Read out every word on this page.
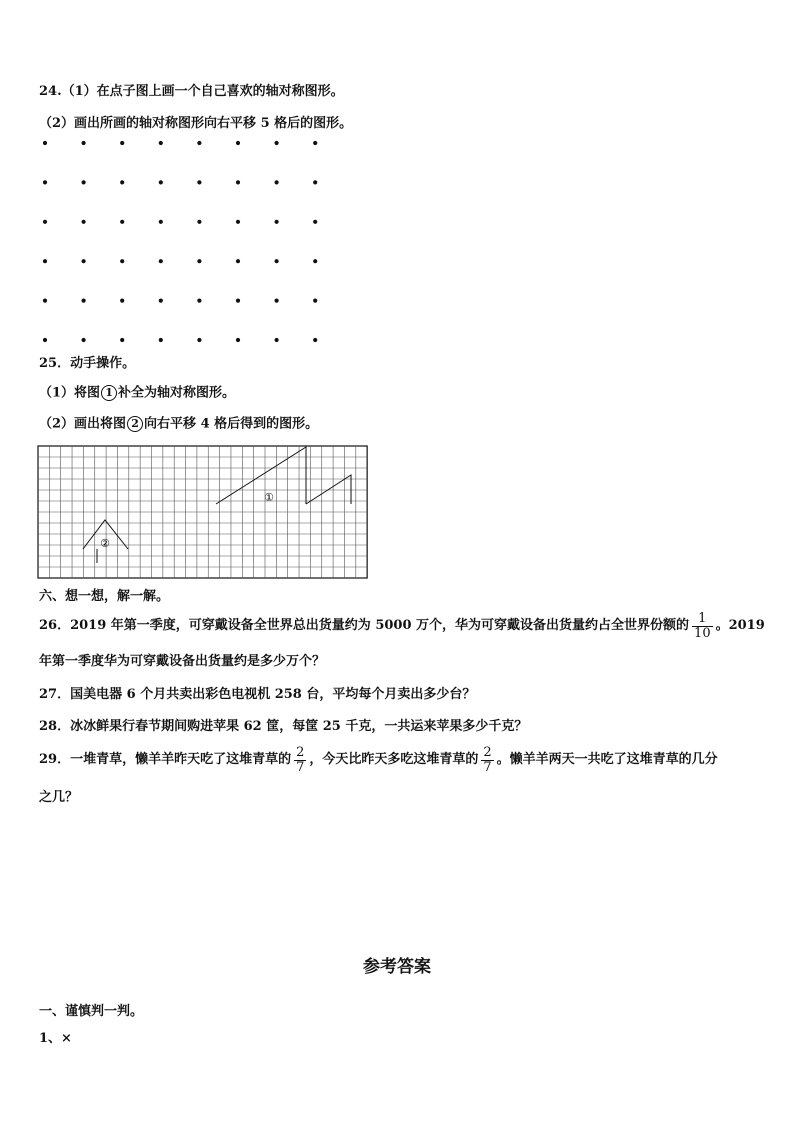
24.（1）在点子图上画一个自己喜欢的轴对称图形。
（2）画出所画的轴对称图形向右平移 5 格后的图形。
①
②
25．动手操作。
（1）将图 1 补全为轴对称图形。
（2）画出将图 2 向右平移 4 格后得到的图形。
六、想一想，解一解。
26．2019 年第一季度，可穿戴设备全世界总出货量约为 5000 万个，华为可穿戴设备出货量约占全世界份额的 $\frac{1}{10}$ 。2019
年第一季度华为可穿戴设备出货量约是多少万个？
27．国美电器 6 个月共卖出彩色电视机 258 台，平均每个月卖出多少台？
28．冰冰鲜果行春节期间购进苹果 62 筐，每筐 25 千克，一共运来苹果多少千克？
29．一堆青草，懒羊羊昨天吃了这堆青草的 $\frac{2}{7}$ ，今天比昨天多吃这堆青草的 $\frac{2}{7}$ 。懒羊羊两天一共吃了这堆青草的几分
之几？
参考答案
一、谨慎判一判。
1、×
